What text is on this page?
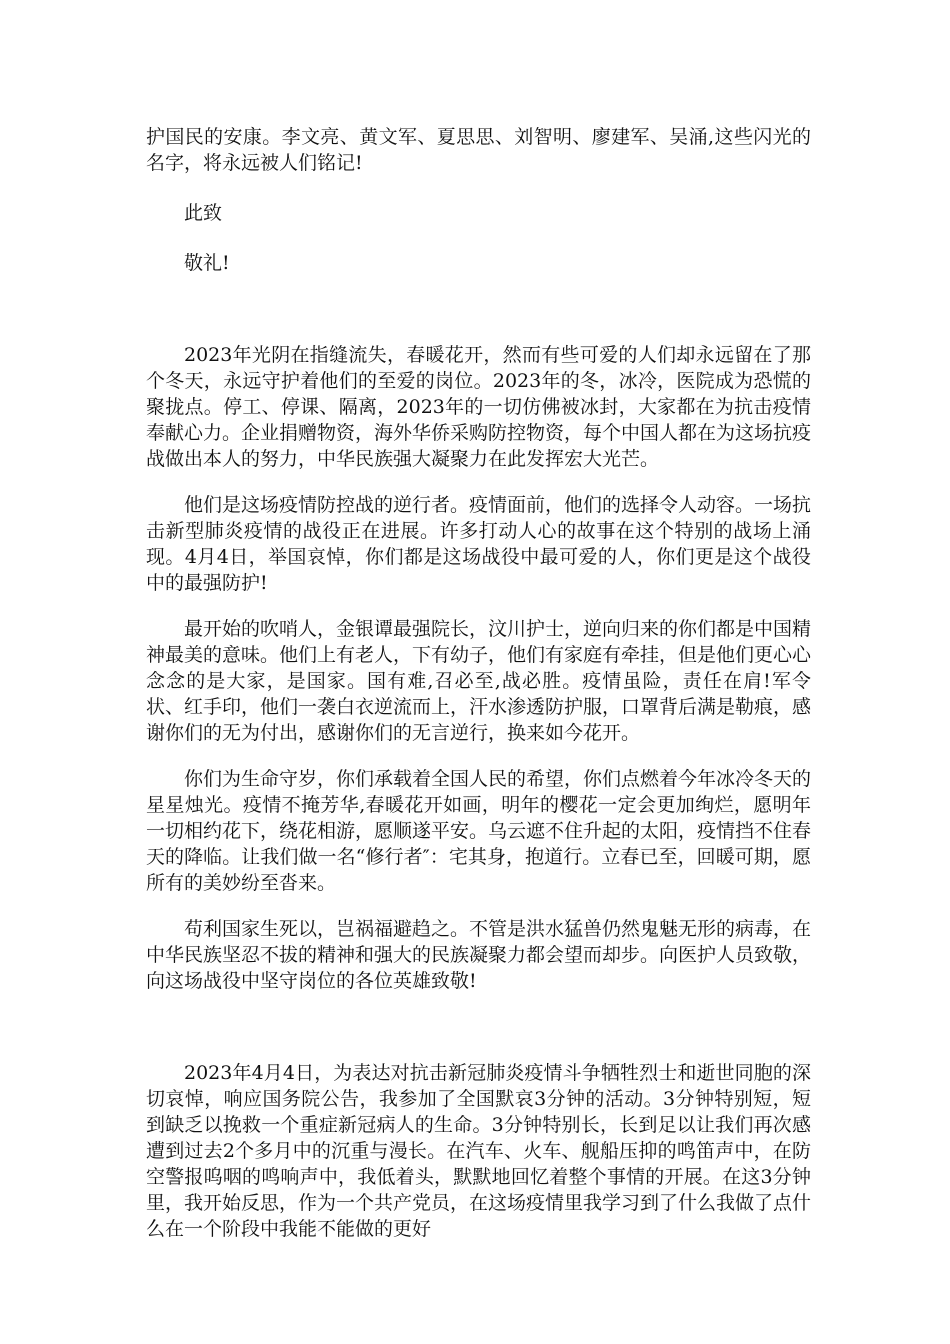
护国民的安康。李文亮、黄文军、夏思思、刘智明、廖建军、吴涌,这些闪光的名字，将永远被人们铭记!

此致

敬礼!

2023年光阴在指缝流失，春暖花开，然而有些可爱的人们却永远留在了那个冬天，永远守护着他们的至爱的岗位。2023年的冬，冰冷，医院成为恐慌的聚拢点。停工、停课、隔离，2023年的一切仿佛被冰封，大家都在为抗击疫情奉献心力。企业捐赠物资，海外华侨采购防控物资，每个中国人都在为这场抗疫战做出本人的努力，中华民族强大凝聚力在此发挥宏大光芒。

他们是这场疫情防控战的逆行者。疫情面前，他们的选择令人动容。一场抗击新型肺炎疫情的战役正在进展。许多打动人心的故事在这个特别的战场上涌现。4月4日，举国哀悼，你们都是这场战役中最可爱的人，你们更是这个战役中的最强防护!

最开始的吹哨人，金银谭最强院长，汶川护士，逆向归来的你们都是中国精神最美的意味。他们上有老人，下有幼子，他们有家庭有牵挂，但是他们更心心念念的是大家，是国家。国有难,召必至,战必胜。疫情虽险，责任在肩!军令状、红手印，他们一袭白衣逆流而上，汗水渗透防护服，口罩背后满是勒痕，感谢你们的无为付出，感谢你们的无言逆行，换来如今花开。

你们为生命守岁，你们承载着全国人民的希望，你们点燃着今年冰冷冬天的星星烛光。疫情不掩芳华,春暖花开如画，明年的樱花一定会更加绚烂，愿明年一切相约花下，绕花相游，愿顺遂平安。乌云遮不住升起的太阳，疫情挡不住春天的降临。让我们做一名“修行者″：宅其身，抱道行。立春已至，回暖可期，愿所有的美妙纷至沓来。

苟利国家生死以，岂祸福避趋之。不管是洪水猛兽仍然鬼魅无形的病毒，在中华民族坚忍不拔的精神和强大的民族凝聚力都会望而却步。向医护人员致敬，向这场战役中坚守岗位的各位英雄致敬!

2023年4月4日，为表达对抗击新冠肺炎疫情斗争牺牲烈士和逝世同胞的深切哀悼，响应国务院公告，我参加了全国默哀3分钟的活动。3分钟特别短，短到缺乏以挽救一个重症新冠病人的生命。3分钟特别长，长到足以让我们再次感遭到过去2个多月中的沉重与漫长。在汽车、火车、舰船压抑的鸣笛声中，在防空警报呜咽的鸣响声中，我低着头，默默地回忆着整个事情的开展。在这3分钟里，我开始反思，作为一个共产党员，在这场疫情里我学习到了什么我做了点什么在一个阶段中我能不能做的更好
